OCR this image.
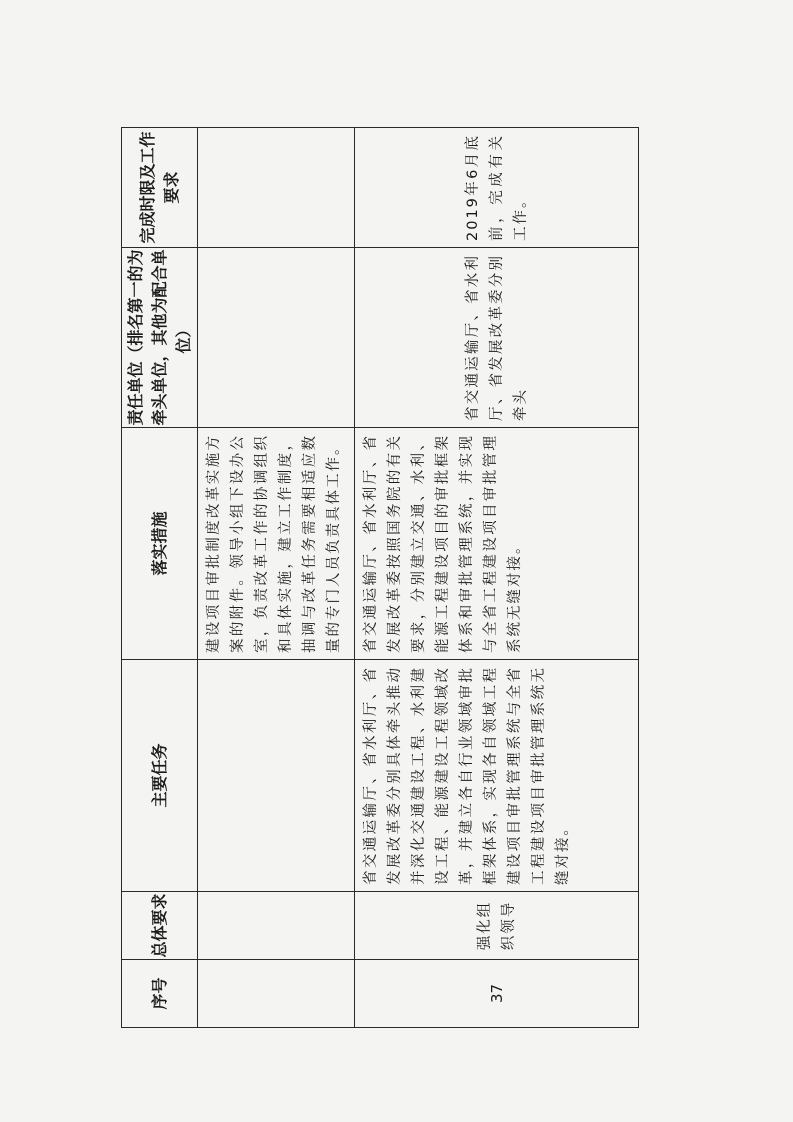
序号	总体要求	主要任务	落实措施	责任单位（排名第一的为牵头单位，其他为配合单位）	完成时限及工作要求

			建设项目审批制度改革实施方案的附件。领导小组下设办公室，负责改革工作的协调组织和具体实施，建立工作制度，抽调与改革任务需要相适应数量的专门人员负责具体工作。		

37	强化组织领导	省交通运输厅、省水利厅、省发展改革委分别具体牵头推动并深化交通建设工程、水利建设工程、能源建设工程领域改革，并建立各自行业领域审批框架体系，实现各自领域工程建设项目审批管理系统与全省工程建设项目审批管理系统无缝对接。	省交通运输厅、省水利厅、省发展改革委按照国务院的有关要求，分别建立交通、水利、能源工程建设项目的审批框架体系和审批管理系统，并实现与全省工程建设项目审批管理系统无缝对接。	省交通运输厅、省水利厅、省发展改革委分别牵头	2019年6月底前，完成有关工作。
